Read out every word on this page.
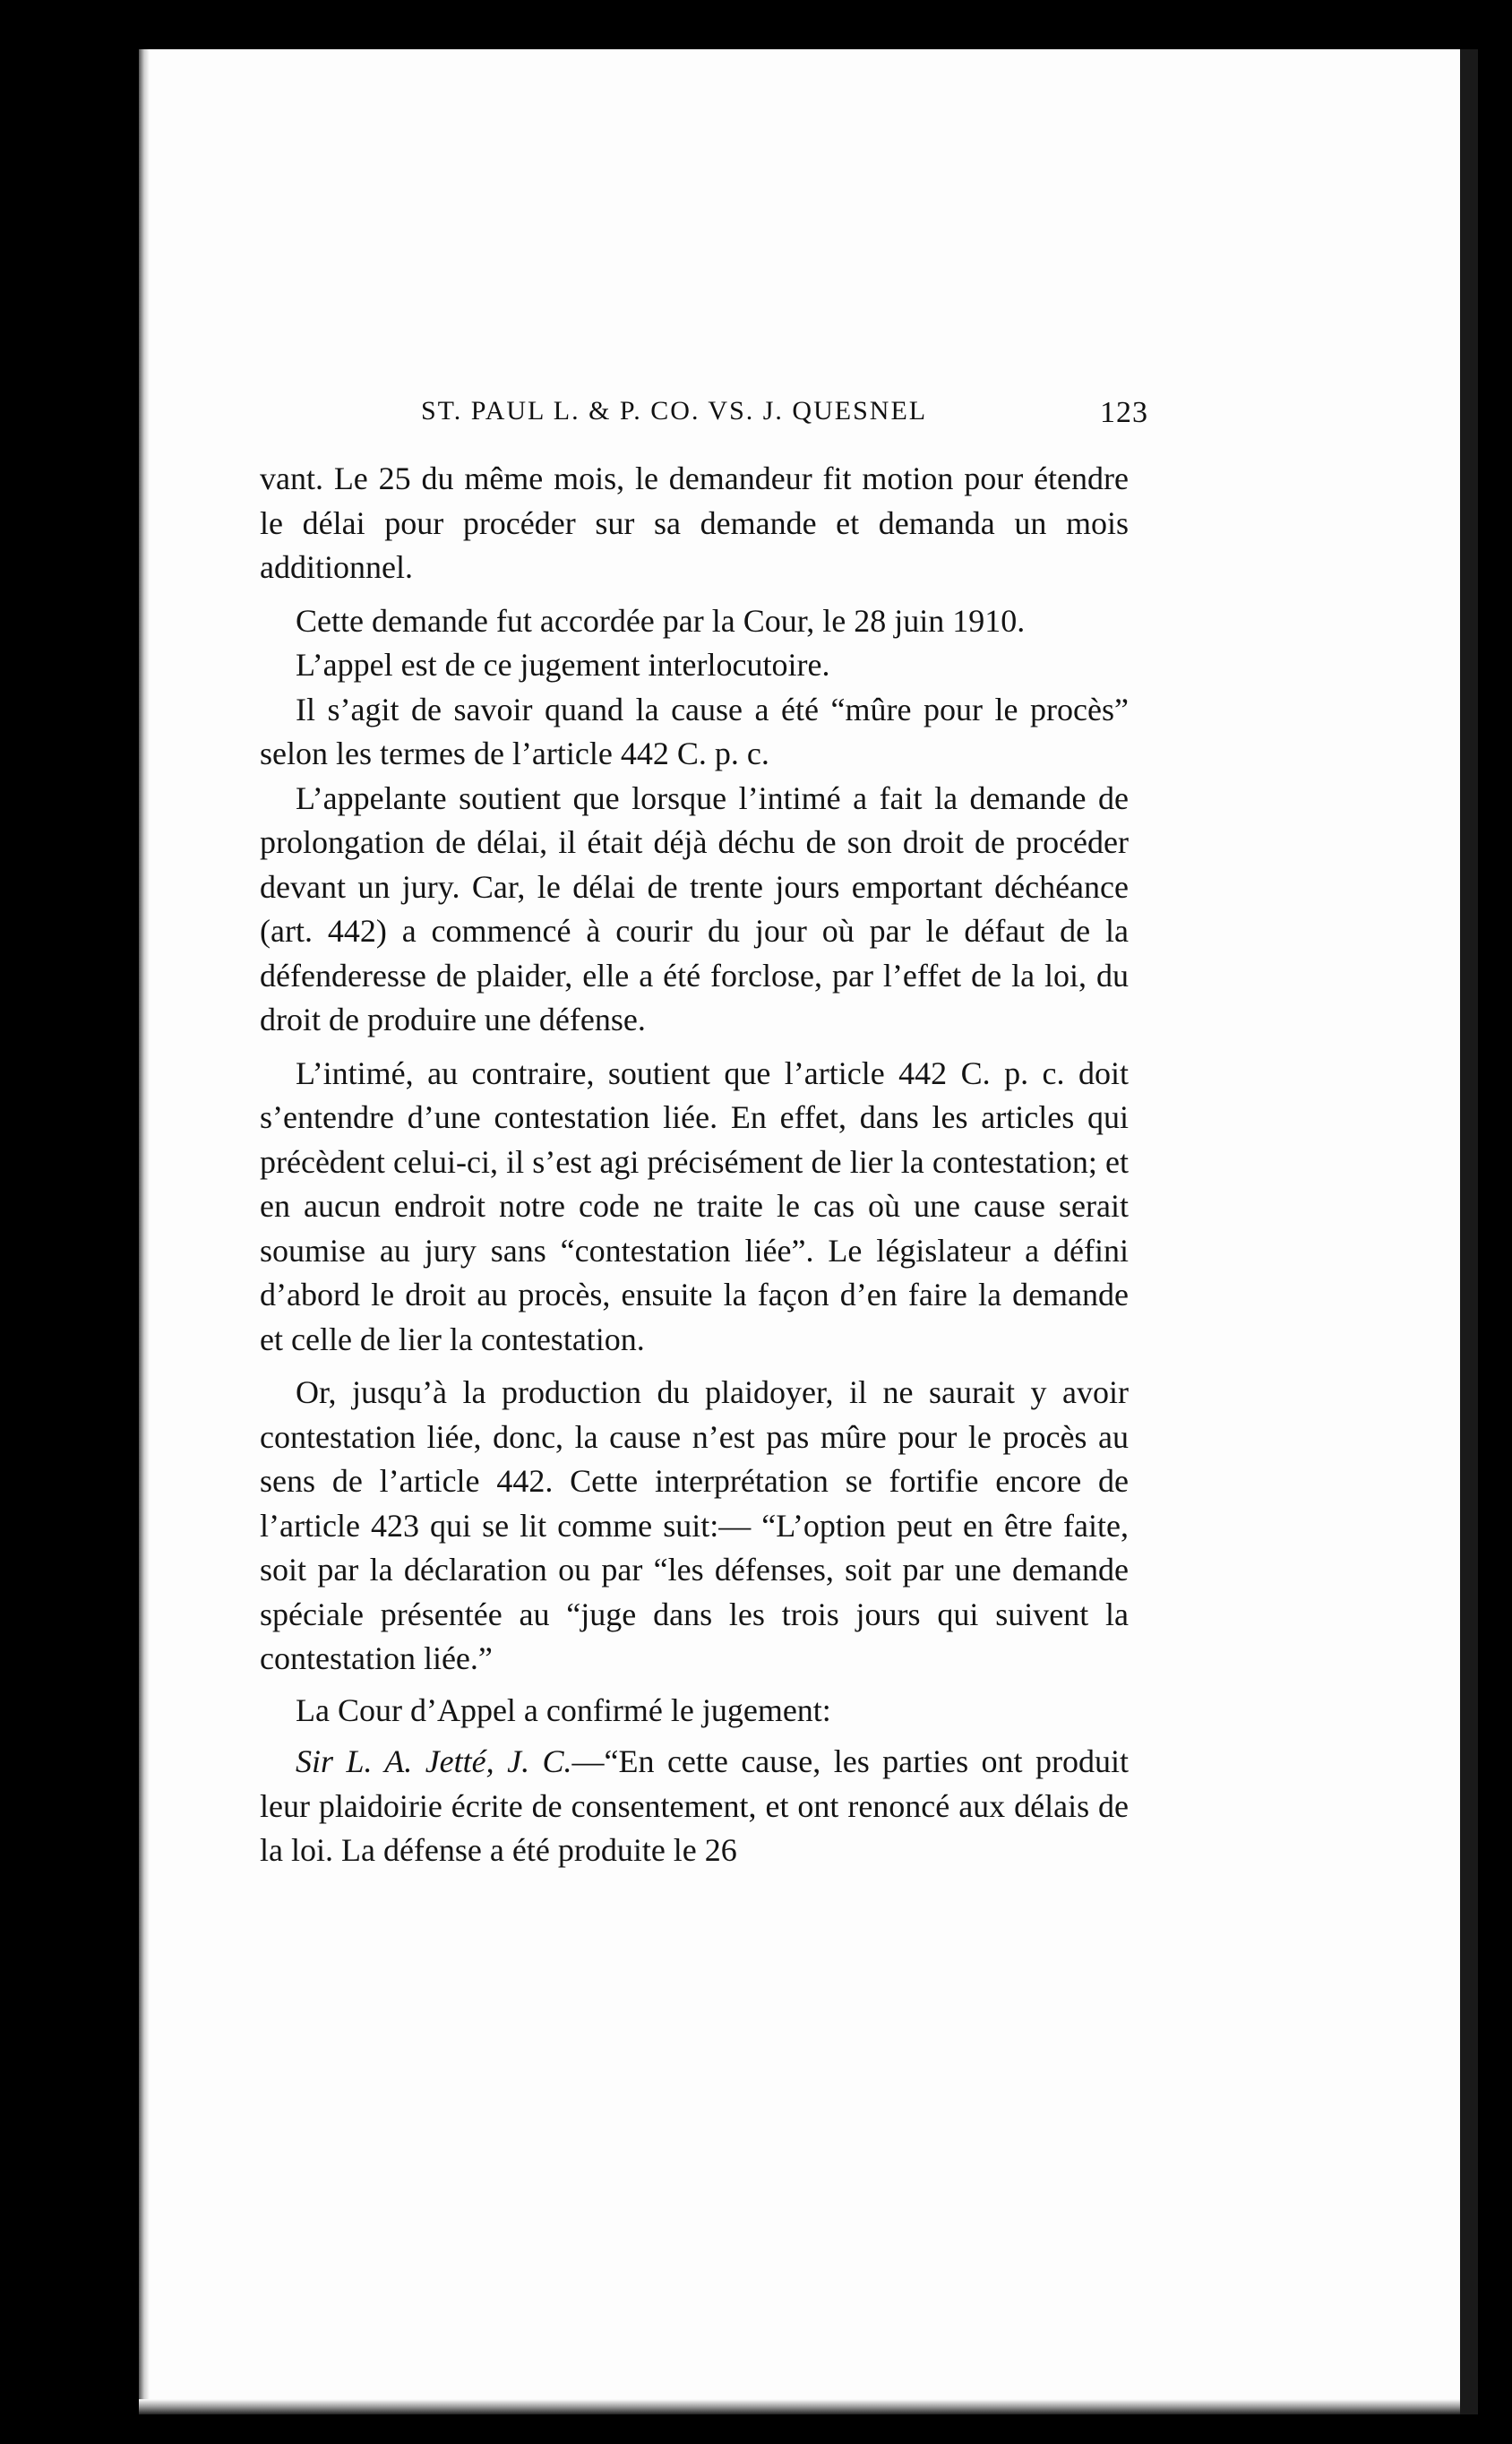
ST. PAUL L. & P. CO. VS. J. QUESNEL	123

vant. Le 25 du même mois, le demandeur fit motion pour étendre le délai pour procéder sur sa demande et demanda un mois additionnel.

Cette demande fut accordée par la Cour, le 28 juin 1910.

L’appel est de ce jugement interlocutoire.

Il s’agit de savoir quand la cause a été “mûre pour le procès” selon les termes de l’article 442 C. p. c.

L’appelante soutient que lorsque l’intimé a fait la demande de prolongation de délai, il était déjà déchu de son droit de procéder devant un jury. Car, le délai de trente jours emportant déchéance (art. 442) a commencé à courir du jour où par le défaut de la défenderesse de plaider, elle a été forclose, par l’effet de la loi, du droit de produire une défense.

L’intimé, au contraire, soutient que l’article 442 C. p. c. doit s’entendre d’une contestation liée. En effet, dans les articles qui précèdent celui-ci, il s’est agi précisément de lier la contestation; et en aucun endroit notre code ne traite le cas où une cause serait soumise au jury sans “contestation liée”. Le législateur a défini d’abord le droit au procès, ensuite la façon d’en faire la demande et celle de lier la contestation.

Or, jusqu’à la production du plaidoyer, il ne saurait y avoir contestation liée, donc, la cause n’est pas mûre pour le procès au sens de l’article 442. Cette interprétation se fortifie encore de l’article 423 qui se lit comme suit:— “L’option peut en être faite, soit par la déclaration ou par “les défenses, soit par une demande spéciale présentée au “juge dans les trois jours qui suivent la contestation liée.”

La Cour d’Appel a confirmé le jugement:

Sir L. A. Jetté, J. C.—“En cette cause, les parties ont produit leur plaidoirie écrite de consentement, et ont renoncé aux délais de la loi. La défense a été produite le 26
